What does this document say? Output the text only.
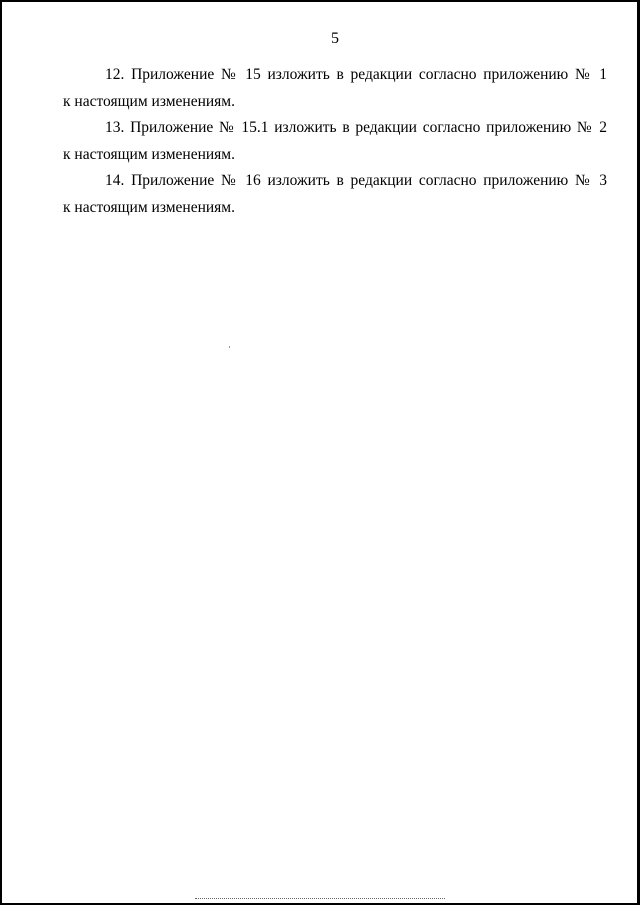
5

12. Приложение № 15 изложить в редакции согласно приложению № 1
к настоящим изменениям.

13. Приложение № 15.1 изложить в редакции согласно приложению № 2
к настоящим изменениям.

14. Приложение № 16 изложить в редакции согласно приложению № 3
к настоящим изменениям.
